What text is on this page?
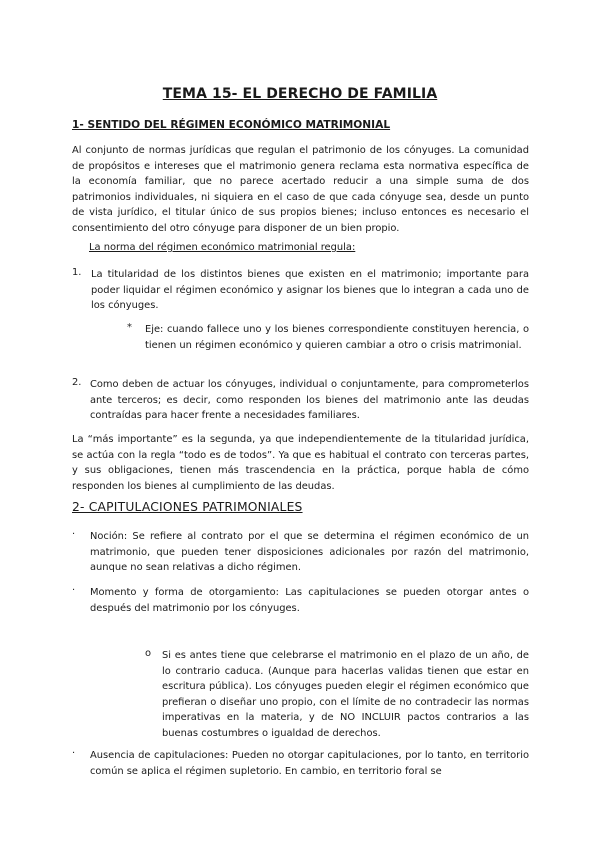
TEMA 15- EL DERECHO DE FAMILIA
1- SENTIDO DEL RÉGIMEN ECONÓMICO MATRIMONIAL
Al conjunto de normas jurídicas que regulan el patrimonio de los cónyuges. La comunidad de propósitos e intereses que el matrimonio genera reclama esta normativa específica de la economía familiar, que no parece acertado reducir a una simple suma de dos patrimonios individuales, ni siquiera en el caso de que cada cónyuge sea, desde un punto de vista jurídico, el titular único de sus propios bienes; incluso entonces es necesario el consentimiento del otro cónyuge para disponer de un bien propio.
La norma del régimen económico matrimonial regula:
1. La titularidad de los distintos bienes que existen en el matrimonio; importante para poder liquidar el régimen económico y asignar los bienes que lo integran a cada uno de los cónyuges.
* Eje: cuando fallece uno y los bienes correspondiente constituyen herencia, o tienen un régimen económico y quieren cambiar a otro o crisis matrimonial.
2. Como deben de actuar los cónyuges, individual o conjuntamente, para comprometerlos ante terceros; es decir, como responden los bienes del matrimonio ante las deudas contraídas para hacer frente a necesidades familiares.
La “más importante” es la segunda, ya que independientemente de la titularidad jurídica, se actúa con la regla “todo es de todos”. Ya que es habitual el contrato con terceras partes, y sus obligaciones, tienen más trascendencia en la práctica, porque habla de cómo responden los bienes al cumplimiento de las deudas.
2- CAPITULACIONES PATRIMONIALES
· Noción: Se refiere al contrato por el que se determina el régimen económico de un matrimonio, que pueden tener disposiciones adicionales por razón del matrimonio, aunque no sean relativas a dicho régimen.
· Momento y forma de otorgamiento: Las capitulaciones se pueden otorgar antes o después del matrimonio por los cónyuges.
o Si es antes tiene que celebrarse el matrimonio en el plazo de un año, de lo contrario caduca. (Aunque para hacerlas validas tienen que estar en escritura pública). Los cónyuges pueden elegir el régimen económico que prefieran o diseñar uno propio, con el límite de no contradecir las normas imperativas en la materia, y de NO INCLUIR pactos contrarios a las buenas costumbres o igualdad de derechos.
· Ausencia de capitulaciones: Pueden no otorgar capitulaciones, por lo tanto, en territorio común se aplica el régimen supletorio. En cambio, en territorio foral se
